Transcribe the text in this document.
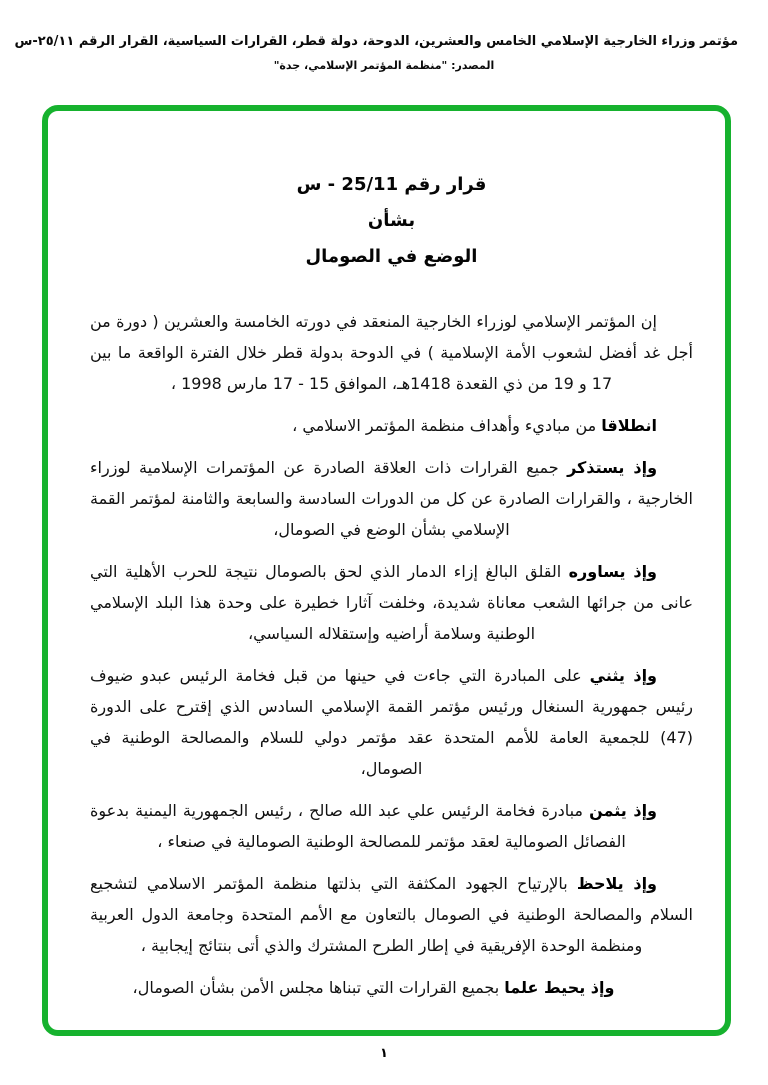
مؤتمر وزراء الخارجية الإسلامي الخامس والعشرين، الدوحة، دولة قطر، القرارات السياسية، القرار الرقم ٢٥/١١-س
المصدر: "منظمة المؤتمر الإسلامي، جدة"
قرار رقم 25/11 - س
بشأن
الوضع في الصومال

إن المؤتمر الإسلامي لوزراء الخارجية المنعقد في دورته الخامسة والعشرين ( دورة من أجل غد أفضل لشعوب الأمة الإسلامية ) في الدوحة بدولة قطر خلال الفترة الواقعة ما بين 17 و 19 من ذي القعدة 1418هـ، الموافق 15 - 17 مارس 1998 ،

انطلاقا من مباديء وأهداف منظمة المؤتمر الاسلامي ،

وإذ يستذكر جميع القرارات ذات العلاقة الصادرة عن المؤتمرات الإسلامية لوزراء الخارجية ، والقرارات الصادرة عن كل من الدورات السادسة والسابعة والثامنة لمؤتمر القمة الإسلامي بشأن الوضع في الصومال،

وإذ يساوره القلق البالغ إزاء الدمار الذي لحق بالصومال نتيجة للحرب الأهلية التي عانى من جرائها الشعب معاناة شديدة، وخلفت آثارا خطيرة على وحدة هذا البلد الإسلامي الوطنية وسلامة أراضيه وإستقلاله السياسي،

وإذ يثني على المبادرة التي جاءت في حينها من قبل فخامة الرئيس عبدو ضيوف رئيس جمهورية السنغال ورئيس مؤتمر القمة الإسلامي السادس الذي إقترح على الدورة (47) للجمعية العامة للأمم المتحدة عقد مؤتمر دولي للسلام والمصالحة الوطنية في الصومال،

وإذ يثمن مبادرة فخامة الرئيس علي عبد الله صالح ، رئيس الجمهورية اليمنية بدعوة الفصائل الصومالية لعقد مؤتمر للمصالحة الوطنية الصومالية في صنعاء ،

وإذ يلاحظ بالإرتياح الجهود المكثفة التي بذلتها منظمة المؤتمر الاسلامي لتشجيع السلام والمصالحة الوطنية في الصومال بالتعاون مع الأمم المتحدة وجامعة الدول العربية ومنظمة الوحدة الإفريقية في إطار الطرح المشترك والذي أتى بنتائج إيجابية ،

وإذ يحيط علما بجميع القرارات التي تبناها مجلس الأمن بشأن الصومال،

١
